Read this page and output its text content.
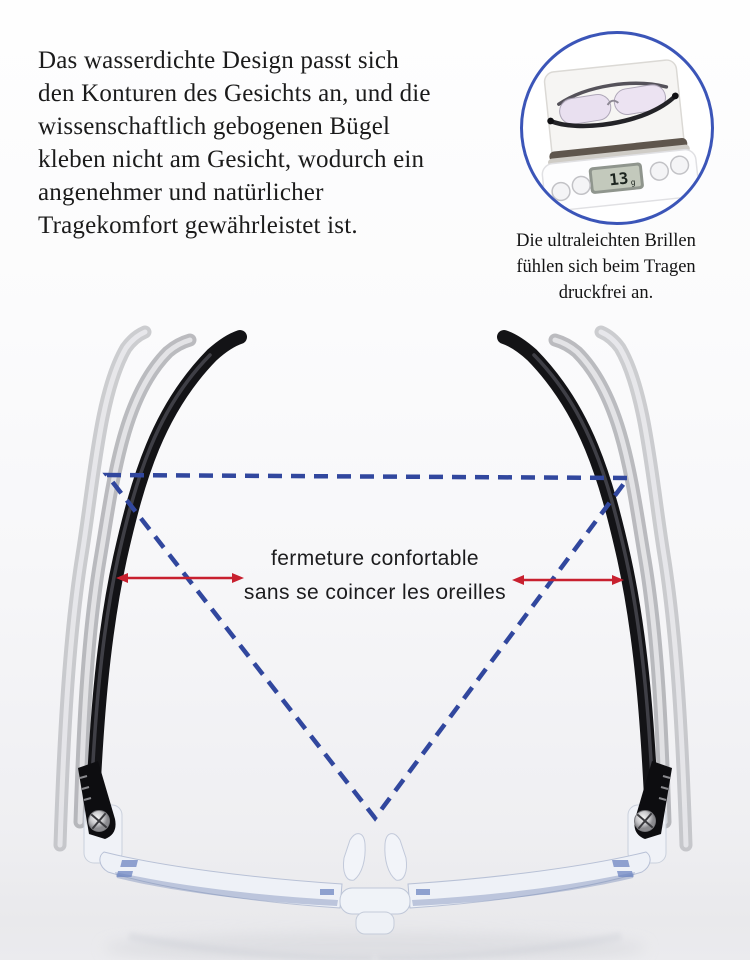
Das wasserdichte Design passt sich
den Konturen des Gesichts an, und die
wissenschaftlich gebogenen Bügel
kleben nicht am Gesicht, wodurch ein
angenehmer und natürlicher
Tragekomfort gewährleistet ist.
13 g
Die ultraleichten Brillen
fühlen sich beim Tragen
druckfrei an.
fermeture confortable
sans se coincer les oreilles
